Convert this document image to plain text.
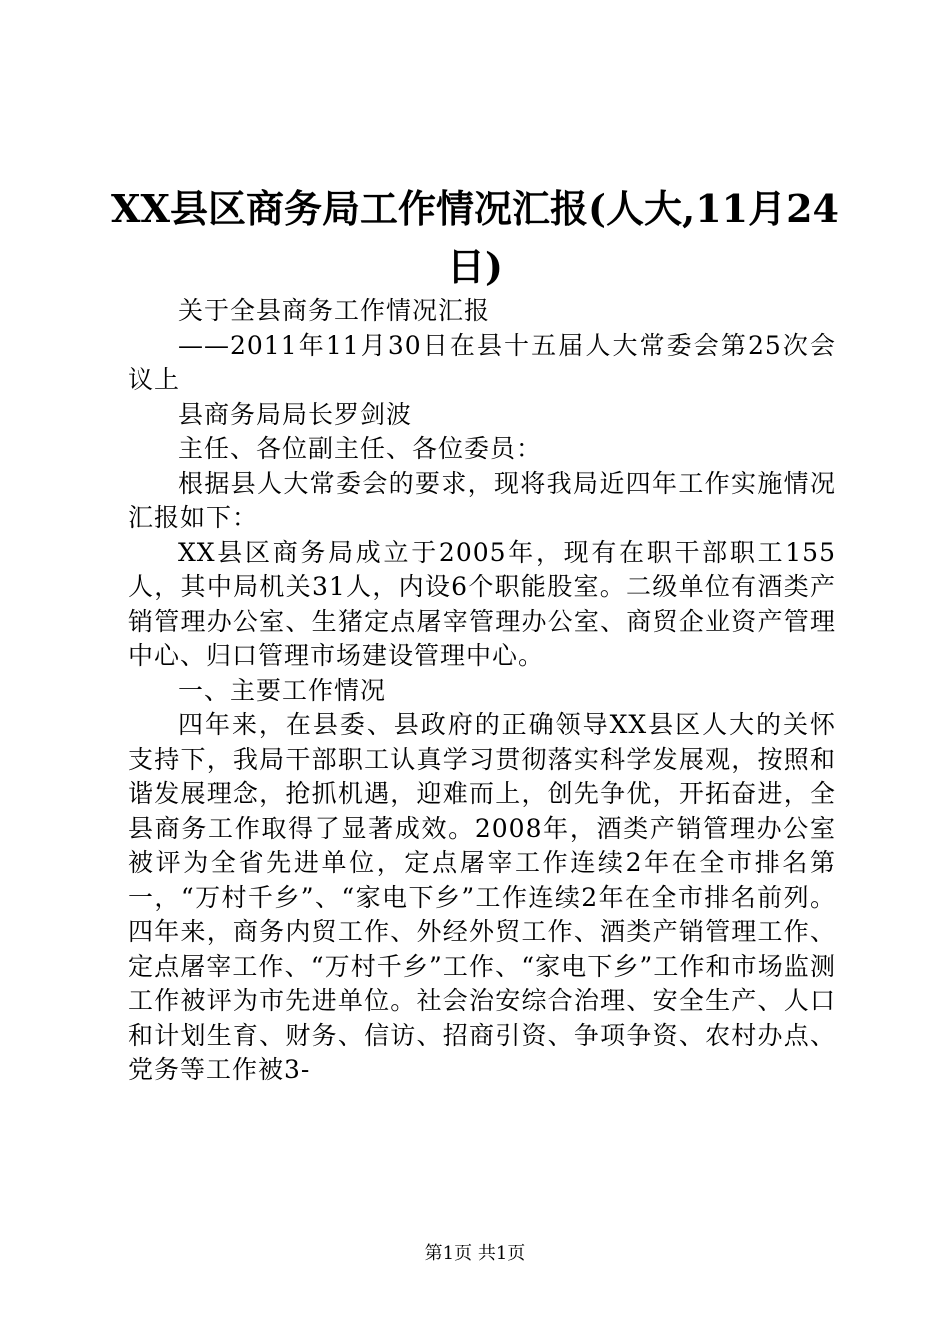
XX县区商务局工作情况汇报(人大,11月24日)

关于全县商务工作情况汇报

——2011年11月30日在县十五届人大常委会第25次会议上

县商务局局长罗剑波

主任、各位副主任、各位委员：

根据县人大常委会的要求，现将我局近四年工作实施情况汇报如下：

XX县区商务局成立于2005年，现有在职干部职工155人，其中局机关31人，内设6个职能股室。二级单位有酒类产销管理办公室、生猪定点屠宰管理办公室、商贸企业资产管理中心、归口管理市场建设管理中心。

一、主要工作情况

四年来，在县委、县政府的正确领导XX县区人大的关怀支持下，我局干部职工认真学习贯彻落实科学发展观，按照和谐发展理念，抢抓机遇，迎难而上，创先争优，开拓奋进，全县商务工作取得了显著成效。2008年，酒类产销管理办公室被评为全省先进单位，定点屠宰工作连续2年在全市排名第一，“万村千乡”、“家电下乡”工作连续2年在全市排名前列。四年来，商务内贸工作、外经外贸工作、酒类产销管理工作、定点屠宰工作、“万村千乡”工作、“家电下乡”工作和市场监测工作被评为市先进单位。社会治安综合治理、安全生产、人口和计划生育、财务、信访、招商引资、争项争资、农村办点、党务等工作被3-

第1页 共1页
